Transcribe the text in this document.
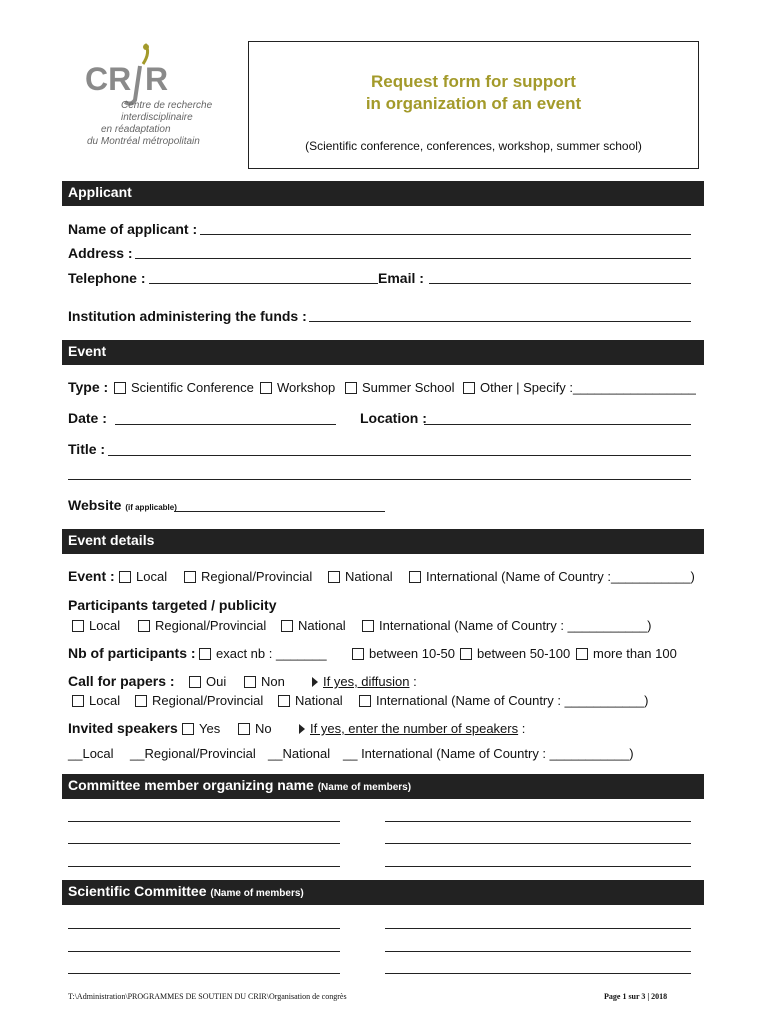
CR R
Centre de recherche
interdisciplinaire
en réadaptation
du Montréal métropolitain
Request form for support
in organization of an event
(Scientific conference, conferences, workshop, summer school)
Applicant
Name of applicant :
Address :
Telephone :	Email :
Institution administering the funds :
Event
Type : Scientific Conference Workshop Summer School Other | Specify :_________________
Date :	Location :
Title :
Website (if applicable)
Event details
Event : Local	Regional/Provincial	National	International (Name of Country :___________)
Participants targeted / publicity
Local	Regional/Provincial National	International (Name of Country : ___________)
Nb of participants : exact nb : _______	between 10-50 between 50-100 more than 100
Call for papers : Oui	Non	If yes, diffusion
:
Local Regional/Provincial National	International (Name of Country : ___________)
Invited speakers Yes	No	If yes, enter the number of speakers
:
__Local __Regional/Provincial __National __ International (Name of Country : ___________)
Committee member organizing name (Name of members)
Scientific Committee (Name of members)
T:\Administration\PROGRAMMES DE SOUTIEN DU CRIR\Organisation de congrès	Page 1 sur 3 | 2018
